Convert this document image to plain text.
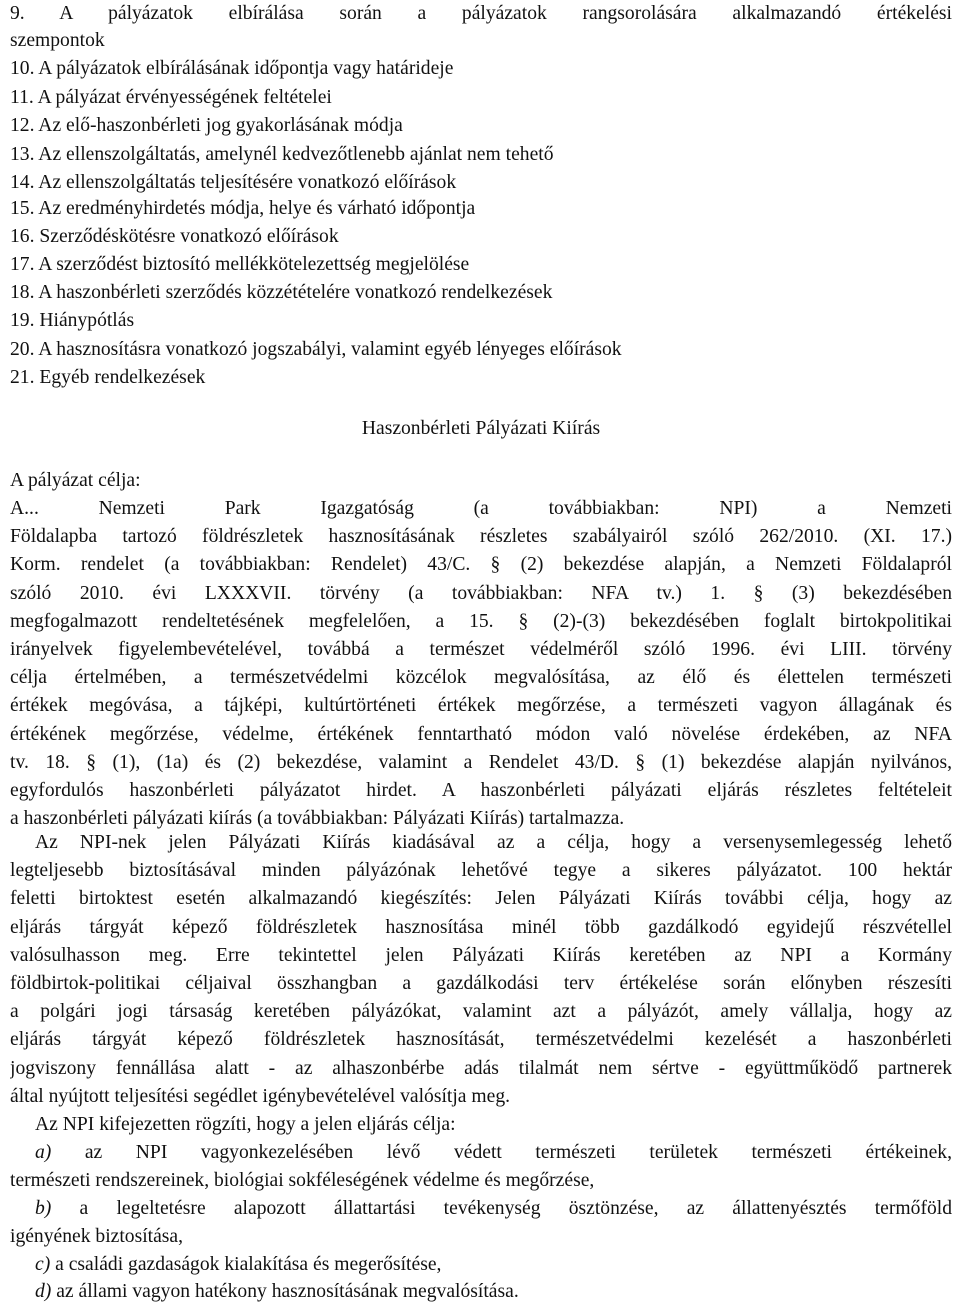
9. A pályázatok elbírálása során a pályázatok rangsorolására alkalmazandó értékelési
szempontok
10. A pályázatok elbírálásának időpontja vagy határideje
11. A pályázat érvényességének feltételei
12. Az elő-haszonbérleti jog gyakorlásának módja
13. Az ellenszolgáltatás, amelynél kedvezőtlenebb ajánlat nem tehető
14. Az ellenszolgáltatás teljesítésére vonatkozó előírások
15. Az eredményhirdetés módja, helye és várható időpontja
16. Szerződéskötésre vonatkozó előírások
17. A szerződést biztosító mellékkötelezettség megjelölése
18. A haszonbérleti szerződés közzétételére vonatkozó rendelkezések
19. Hiánypótlás
20. A hasznosításra vonatkozó jogszabályi, valamint egyéb lényeges előírások
21. Egyéb rendelkezések
Haszonbérleti Pályázati Kiírás
A pályázat célja:
A... Nemzeti Park Igazgatóság (a továbbiakban: NPI) a Nemzeti
Földalapba tartozó földrészletek hasznosításának részletes szabályairól szóló 262/2010. (XI. 17.)
Korm. rendelet (a továbbiakban: Rendelet) 43/C. § (2) bekezdése alapján, a Nemzeti Földalapról
szóló 2010. évi LXXXVII. törvény (a továbbiakban: NFA tv.) 1. § (3) bekezdésében
megfogalmazott rendeltetésének megfelelően, a 15. § (2)-(3) bekezdésében foglalt birtokpolitikai
irányelvek figyelembevételével, továbbá a természet védelméről szóló 1996. évi LIII. törvény
célja értelmében, a természetvédelmi közcélok megvalósítása, az élő és élettelen természeti
értékek megóvása, a tájképi, kultúrtörténeti értékek megőrzése, a természeti vagyon állagának és
értékének megőrzése, védelme, értékének fenntartható módon való növelése érdekében, az NFA
tv. 18. § (1), (1a) és (2) bekezdése, valamint a Rendelet 43/D. § (1) bekezdése alapján nyilvános,
egyfordulós haszonbérleti pályázatot hirdet. A haszonbérleti pályázati eljárás részletes feltételeit
a haszonbérleti pályázati kiírás (a továbbiakban: Pályázati Kiírás) tartalmazza.
Az NPI-nek jelen Pályázati Kiírás kiadásával az a célja, hogy a versenysemlegesség lehető
legteljesebb biztosításával minden pályázónak lehetővé tegye a sikeres pályázatot. 100 hektár
feletti birtoktest esetén alkalmazandó kiegészítés: Jelen Pályázati Kiírás további célja, hogy az
eljárás tárgyát képező földrészletek hasznosítása minél több gazdálkodó egyidejű részvétellel
valósulhasson meg. Erre tekintettel jelen Pályázati Kiírás keretében az NPI a Kormány
földbirtok-politikai céljaival összhangban a gazdálkodási terv értékelése során előnyben részesíti
a polgári jogi társaság keretében pályázókat, valamint azt a pályázót, amely vállalja, hogy az
eljárás tárgyát képező földrészletek hasznosítását, természetvédelmi kezelését a haszonbérleti
jogviszony fennállása alatt - az alhaszonbérbe adás tilalmát nem sértve - együttműködő partnerek
által nyújtott teljesítési segédlet igénybevételével valósítja meg.
Az NPI kifejezetten rögzíti, hogy a jelen eljárás célja:
a) az NPI vagyonkezelésében lévő védett természeti területek természeti értékeinek,
természeti rendszereinek, biológiai sokféleségének védelme és megőrzése,
b) a legeltetésre alapozott állattartási tevékenység ösztönzése, az állattenyésztés termőföld
igényének biztosítása,
c) a családi gazdaságok kialakítása és megerősítése,
d) az állami vagyon hatékony hasznosításának megvalósítása.
